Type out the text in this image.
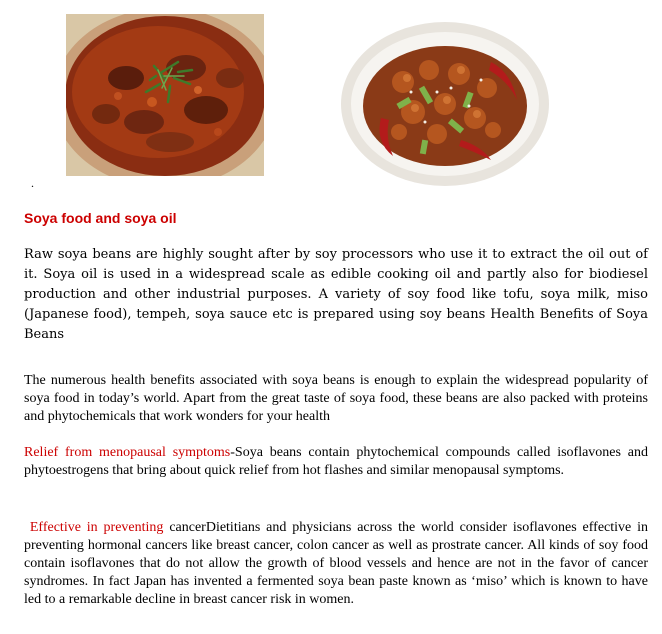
.
Soya food and soya oil

Raw soya beans are highly sought after by soy processors who use it to extract the oil out of it. Soya oil is used in a widespread scale as edible cooking oil and partly also for biodiesel production and other industrial purposes. A variety of soy food like tofu, soya milk, miso (Japanese food), tempeh, soya sauce etc is prepared using soy beans Health Benefits of Soya Beans

The numerous health benefits associated with soya beans is enough to explain the widespread popularity of soya food in today’s world. Apart from the great taste of soya food, these beans are also packed with proteins and phytochemicals that work wonders for your health

Relief from menopausal symptoms-Soya beans contain phytochemical compounds called isoflavones and phytoestrogens that bring about quick relief from hot flashes and similar menopausal symptoms.

Effective in preventing cancerDietitians and physicians across the world consider isoflavones effective in preventing hormonal cancers like breast cancer, colon cancer as well as prostrate cancer. All kinds of soy food contain isoflavones that do not allow the growth of blood vessels and hence are not in the favor of cancer syndromes. In fact Japan has invented a fermented soya bean paste known as ‘miso’ which is known to have led to a remarkable decline in breast cancer risk in women.
